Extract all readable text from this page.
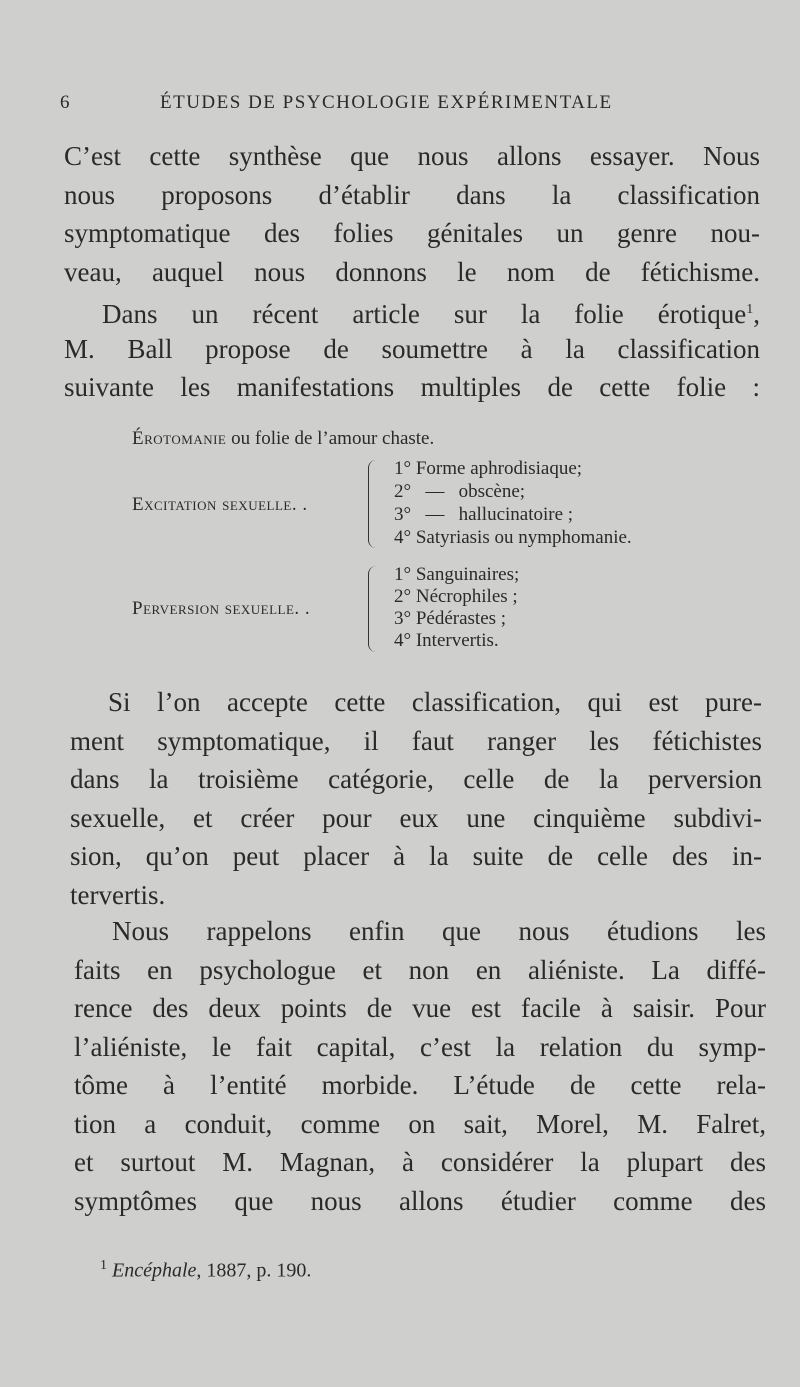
6	ÉTUDES DE PSYCHOLOGIE EXPÉRIMENTALE
C’est cette synthèse que nous allons essayer. Nous
nous proposons d’établir dans la classification
symptomatique des folies génitales un genre nou-
veau, auquel nous donnons le nom de fétichisme.
Dans un récent article sur la folie érotique$^1$,
M. Ball propose de soumettre à la classification
suivante les manifestations multiples de cette folie :
Érotomanie ou folie de l’amour chaste.
Excitation sexuelle. .
1° Forme aphrodisiaque;
2°   —   obscène;
3°   —   hallucinatoire ;
4° Satyriasis ou nymphomanie.
Perversion sexuelle. .
1° Sanguinaires;
2° Nécrophiles ;
3° Pédérastes ;
4° Intervertis.
Si l’on accepte cette classification, qui est pure-
ment symptomatique, il faut ranger les fétichistes
dans la troisième catégorie, celle de la perversion
sexuelle, et créer pour eux une cinquième subdivi-
sion, qu’on peut placer à la suite de celle des in-
tervertis.
Nous rappelons enfin que nous étudions les
faits en psychologue et non en aliéniste. La diffé-
rence des deux points de vue est facile à saisir. Pour
l’aliéniste, le fait capital, c’est la relation du symp-
tôme à l’entité morbide. L’étude de cette rela-
tion a conduit, comme on sait, Morel, M. Falret,
et surtout M. Magnan, à considérer la plupart des
symptômes que nous allons étudier comme des
$^1$ Encéphale, 1887, p. 190.
